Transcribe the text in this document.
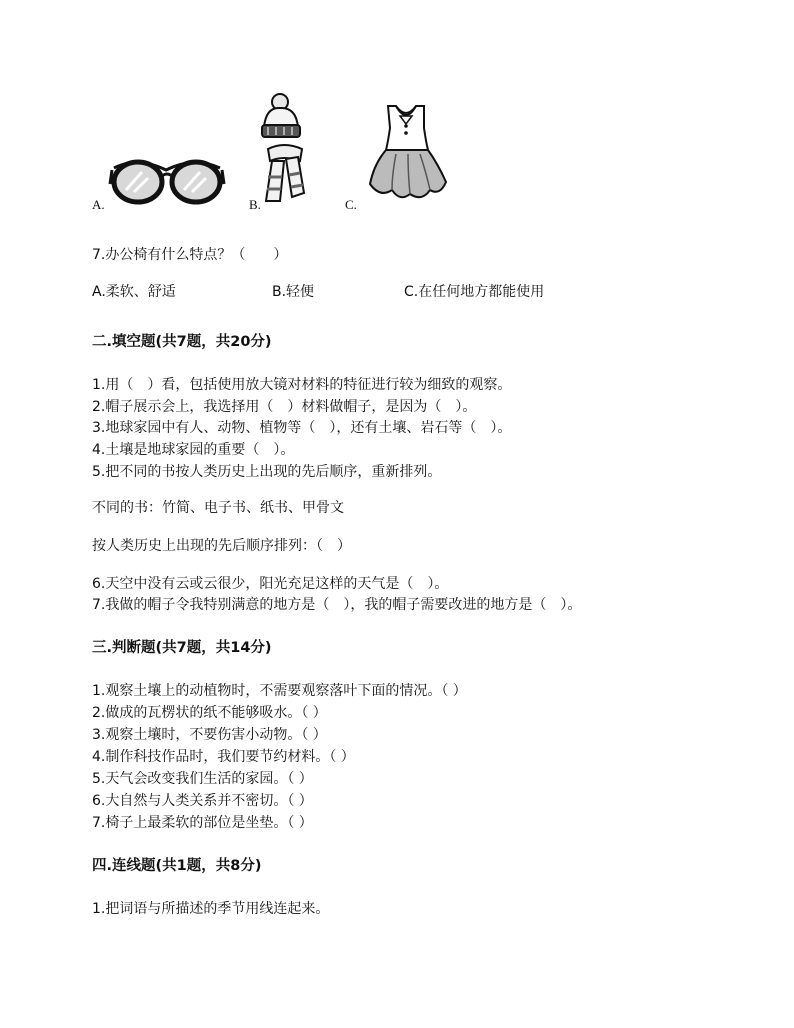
A.	B.	C.
7.办公椅有什么特点？（　　）
A.柔软、舒适	B.轻便	C.在任何地方都能使用
二.填空题(共7题，共20分)
1.用（　）看，包括使用放大镜对材料的特征进行较为细致的观察。
2.帽子展示会上，我选择用（　）材料做帽子，是因为（　）。
3.地球家园中有人、动物、植物等（　），还有土壤、岩石等（　）。
4.土壤是地球家园的重要（　）。
5.把不同的书按人类历史上出现的先后顺序，重新排列。
不同的书：竹简、电子书、纸书、甲骨文
按人类历史上出现的先后顺序排列：（　）
6.天空中没有云或云很少，阳光充足这样的天气是（　）。
7.我做的帽子令我特别满意的地方是（　），我的帽子需要改进的地方是（　）。
三.判断题(共7题，共14分)
1.观察土壤上的动植物时，不需要观察落叶下面的情况。（ ）
2.做成的瓦楞状的纸不能够吸水。（ ）
3.观察土壤时，不要伤害小动物。（ ）
4.制作科技作品时，我们要节约材料。（ ）
5.天气会改变我们生活的家园。（ ）
6.大自然与人类关系并不密切。（ ）
7.椅子上最柔软的部位是坐垫。（ ）
四.连线题(共1题，共8分)
1.把词语与所描述的季节用线连起来。
